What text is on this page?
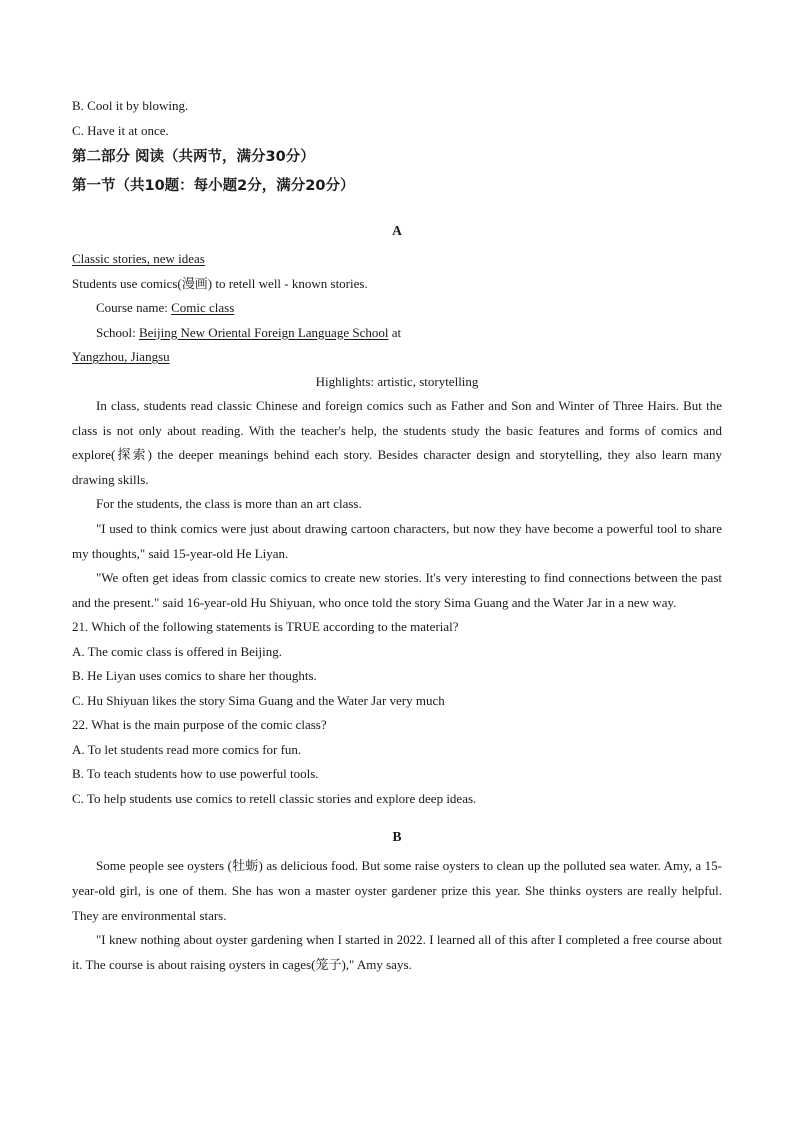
B. Cool it by blowing.
C. Have it at once.
第二部分 阅读（共两节，满分30分）
第一节（共10题：每小题2分，满分20分）
A
Classic stories, new ideas
Students use comics(漫画) to retell well - known stories.
Course name: Comic class
School: Beijing New Oriental Foreign Language School at
Yangzhou, Jiangsu
Highlights: artistic, storytelling

In class, students read classic Chinese and foreign comics such as Father and Son and Winter of Three Hairs. But the class is not only about reading. With the teacher's help, the students study the basic features and forms of comics and explore(探索) the deeper meanings behind each story. Besides character design and storytelling, they also learn many drawing skills.

For the students, the class is more than an art class.

"I used to think comics were just about drawing cartoon characters, but now they have become a powerful tool to share my thoughts," said 15-year-old He Liyan.

"We often get ideas from classic comics to create new stories. It's very interesting to find connections between the past and the present." said 16-year-old Hu Shiyuan, who once told the story Sima Guang and the Water Jar in a new way.

21. Which of the following statements is TRUE according to the material?
A. The comic class is offered in Beijing.
B. He Liyan uses comics to share her thoughts.
C. Hu Shiyuan likes the story Sima Guang and the Water Jar very much
22. What is the main purpose of the comic class?
A. To let students read more comics for fun.
B. To teach students how to use powerful tools.
C. To help students use comics to retell classic stories and explore deep ideas.
B

Some people see oysters (牡蛎) as delicious food. But some raise oysters to clean up the polluted sea water. Amy, a 15-year-old girl, is one of them. She has won a master oyster gardener prize this year. She thinks oysters are really helpful. They are environmental stars.

"I knew nothing about oyster gardening when I started in 2022. I learned all of this after I completed a free course about it. The course is about raising oysters in cages(笼子)," Amy says.
